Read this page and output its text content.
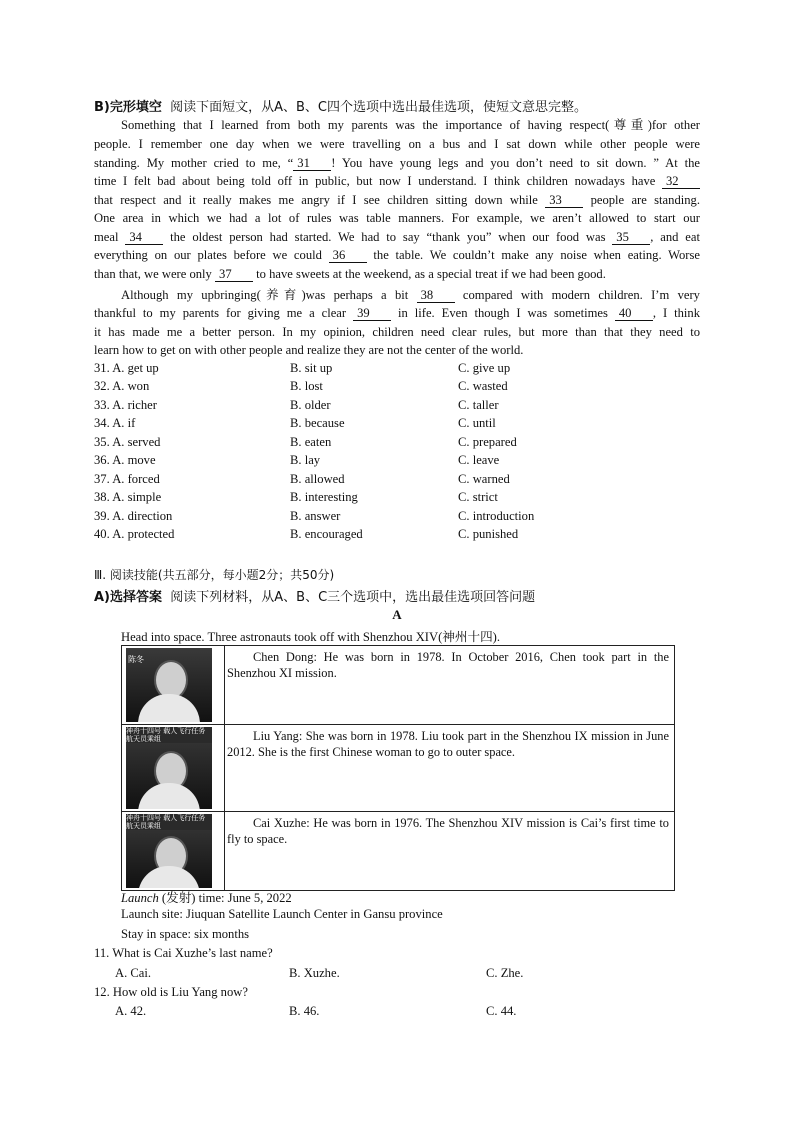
B)完形填空 阅读下面短文，从A、B、C四个选项中选出最佳选项，使短文意思完整。
Something that I learned from both my parents was the importance of having respect(尊重)for other
people. I remember one day when we were travelling on a bus and I sat down while other people were
standing. My mother cried to me, “ 31 ! You have young legs and you don’t need to sit down. ” At the
time I felt bad about being told off in public, but now I understand. I think children nowadays have 32
that respect and it really makes me angry if I see children sitting down while 33 people are standing.
One area in which we had a lot of rules was table manners. For example, we aren’t allowed to start our
meal 34 the oldest person had started. We had to say “thank you” when our food was 35 , and eat
everything on our plates before we could 36 the table. We couldn’t make any noise when eating. Worse
than that, we were only 37 to have sweets at the weekend, as a special treat if we had been good.
Although my upbringing(养育)was perhaps a bit 38 compared with modern children. I’m very
thankful to my parents for giving me a clear 39 in life. Even though I was sometimes 40 , I think
it has made me a better person. In my opinion, children need clear rules, but more than that they need to
learn how to get on with other people and realize they are not the center of the world.
31. A. get up	B. sit up	C. give up
32. A. won	B. lost	C. wasted
33. A. richer	B. older	C. taller
34. A. if	B. because	C. until
35. A. served	B. eaten	C. prepared
36. A. move	B. lay	C. leave
37. A. forced	B. allowed	C. warned
38. A. simple	B. interesting	C. strict
39. A. direction	B. answer	C. introduction
40. A. protected	B. encouraged	C. punished
Ⅲ. 阅读技能(共五部分，每小题2分；共50分)
A)选择答案 阅读下列材料，从A、B、C三个选项中，选出最佳选项回答问题
A
Head into space. Three astronauts took off with Shenzhou XIV(神州十四).
陈冬	Chen Dong: He was born in 1978. In October 2016, Chen took part in the Shenzhou XI mission.

神舟十四号 载人飞行任务航天员乘组	Liu Yang: She was born in 1978. Liu took part in the Shenzhou IX mission in June 2012. She is the first Chinese woman to go to outer space.

神舟十四号 载人飞行任务航天员乘组	Cai Xuzhe: He was born in 1976. The Shenzhou XIV mission is Cai’s first time to fly to space.
Launch (发射) time: June 5, 2022
Launch site: Jiuquan Satellite Launch Center in Gansu province
Stay in space: six months
11. What is Cai Xuzhe’s last name?
A. Cai.	B. Xuzhe.	C. Zhe.
12. How old is Liu Yang now?
A. 42.	B. 46.	C. 44.
